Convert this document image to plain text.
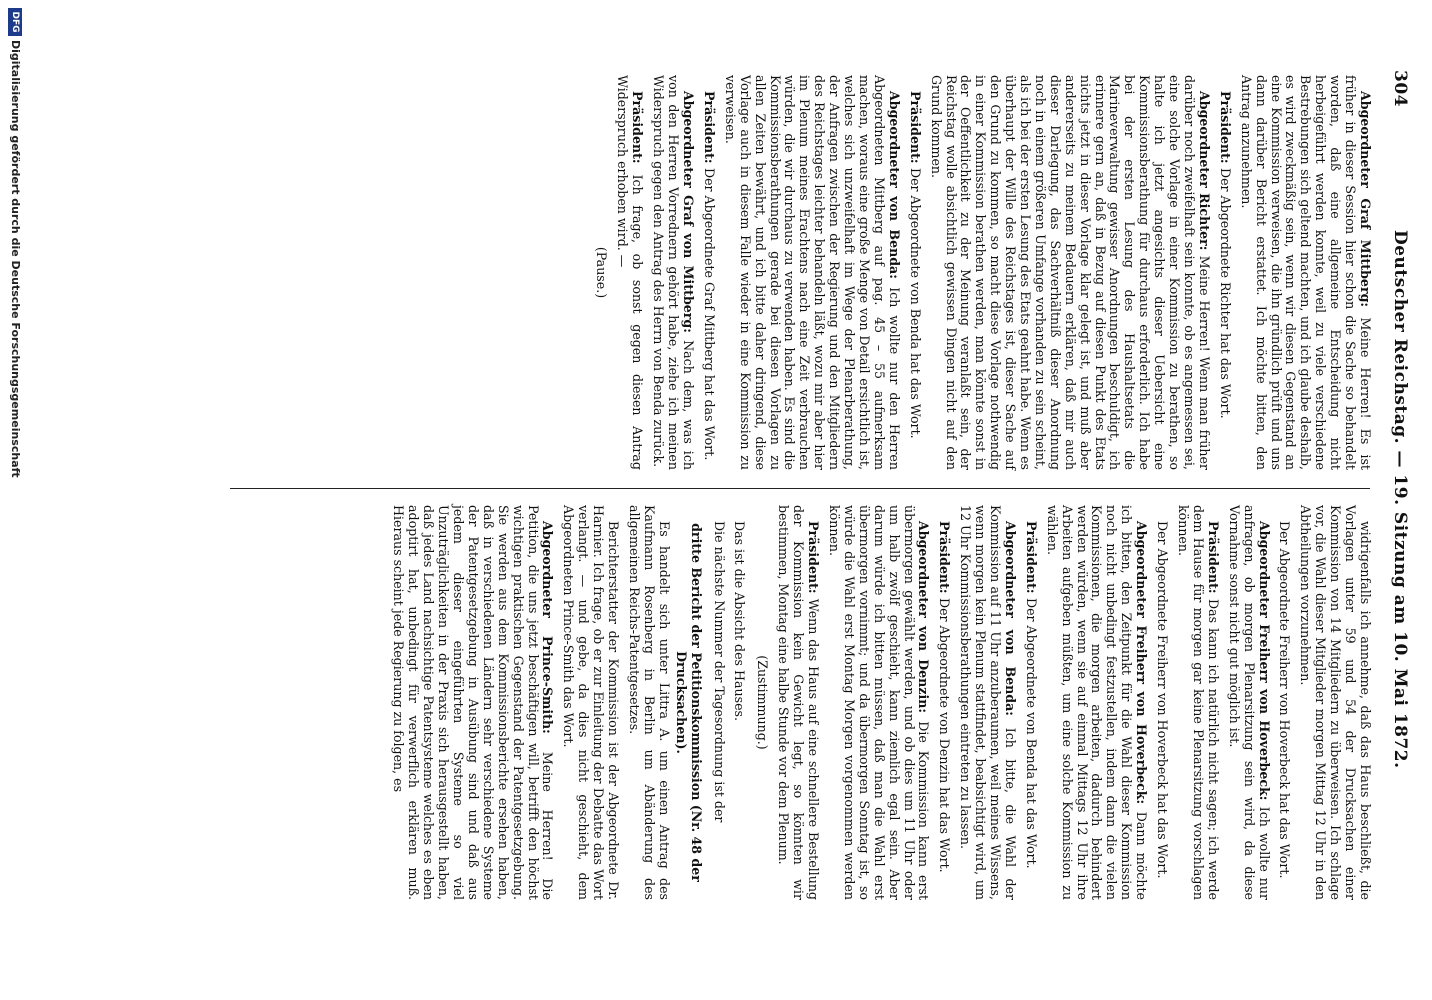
304
Deutscher Reichstag. — 19. Sitzung am 10. Mai 1872.

Abgeordneter Graf Mittberg: Meine Herren! Es ist früher in dieser Session hier schon die Sache so behandelt worden, daß eine allgemeine Entscheidung nicht herbeigeführt werden konnte, weil zu viele verschiedene Bestrebungen sich geltend machten, und ich glaube deshalb, es wird zweckmäßig sein, wenn wir diesen Gegenstand an eine Kommission verweisen, die ihn gründlich prüft und uns dann darüber Bericht erstattet. Ich möchte bitten, den Antrag anzunehmen.

Präsident: Der Abgeordnete Richter hat das Wort.

Abgeordneter Richter: Meine Herren! Wenn man früher darüber noch zweifelhaft sein konnte, ob es angemessen sei, eine solche Vorlage in einer Kommission zu berathen, so halte ich jetzt angesichts dieser Uebersicht eine Kommissionsberathung für durchaus erforderlich. Ich habe bei der ersten Lesung des Haushaltsetats die Marineverwaltung gewisser Anordnungen beschuldigt, ich erinnere gern an, daß in Bezug auf diesen Punkt des Etats nichts jetzt in dieser Vorlage klar gelegt ist, und muß aber andererseits zu meinem Bedauern erklären, daß mir auch dieser Darlegung, das Sachverhältniß dieser Anordnung noch in einem größeren Umfange vorhanden zu sein scheint, als ich bei der ersten Lesung des Etats geahnt habe. Wenn es überhaupt der Wille des Reichstages ist, dieser Sache auf den Grund zu kommen, so macht diese Vorlage nothwendig in einer Kommission berathen werden, man könnte sonst in der Oeffentlichkeit zu der Meinung veranlaßt sein, der Reichstag wolle absichtlich gewissen Dingen nicht auf den Grund kommen.

Präsident: Der Abgeordnete von Benda hat das Wort.

Abgeordneter von Benda: Ich wollte nur den Herren Abgeordneten Mittberg auf pag. 45 – 55 aufmerksam machen, woraus eine große Menge von Detail ersichtlich ist, welches sich unzweifelhaft im Wege der Plenarberathung, der Anfragen zwischen der Regierung und den Mitgliedern des Reichstages leichter behandeln läßt, wozu mir aber hier im Plenum meines Erachtens nach eine Zeit verbrauchen würden, die wir durchaus zu verwenden haben. Es sind die Kommissionsberathungen gerade bei diesen Vorlagen zu allen Zeiten bewährt, und ich bitte daher dringend, diese Vorlage auch in diesem Falle wieder in eine Kommission zu verweisen.

Präsident: Der Abgeordnete Graf Mittberg hat das Wort.

Abgeordneter Graf von Mittberg: Nach dem, was ich von den Herren Vorrednern gehört habe, ziehe ich meinen Widerspruch gegen den Antrag des Herrn von Benda zurück.

Präsident: Ich frage, ob sonst gegen diesen Antrag Widerspruch erhoben wird. —

(Pause.)

widrigenfalls ich annehme, daß das Haus beschließt, die Vorlagen unter 59 und 54 der Drucksachen einer Kommission von 14 Mitgliedern zu überweisen. Ich schlage vor, die Wahl dieser Mitglieder morgen Mittag 12 Uhr in den Abtheilungen vorzunehmen.

Der Abgeordnete Freiherr von Hoverbeck hat das Wort.

Abgeordneter Freiherr von Hoverbeck: Ich wollte nur anfragen, ob morgen Plenarsitzung sein wird, da diese Vornahme sonst nicht gut möglich ist.

Präsident: Das kann ich natürlich nicht sagen; ich werde dem Hause für morgen gar keine Plenarsitzung vorschlagen können.

Der Abgeordnete Freiherr von Hoverbeck hat das Wort.

Abgeordneter Freiherr von Hoverbeck: Dann möchte ich bitten, den Zeitpunkt für die Wahl dieser Kommission noch nicht unbedingt festzustellen, indem dann die vielen Kommissionen, die morgen arbeiten, dadurch behindert werden würden, wenn sie auf einmal Mittags 12 Uhr ihre Arbeiten aufgeben müßten, um eine solche Kommission zu wählen.

Präsident: Der Abgeordnete von Benda hat das Wort.

Abgeordneter von Benda: Ich bitte, die Wahl der Kommission auf 11 Uhr anzuberaumen, weil meines Wissens, wenn morgen kein Plenum stattfindet, beabsichtigt wird, um 12 Uhr Kommissionsberathungen eintreten zu lassen.

Präsident: Der Abgeordnete von Denzin hat das Wort.

Abgeordneter von Denzin: Die Kommission kann erst übermorgen gewählt werden, und ob dies um 11 Uhr oder um halb zwölf geschieht, kann ziemlich egal sein. Aber darum würde ich bitten müssen, daß man die Wahl erst übermorgen vornimmt; und da übermorgen Sonntag ist, so würde die Wahl erst Montag Morgen vorgenommen werden können.

Präsident: Wenn das Haus auf eine schnellere Bestellung der Kommission kein Gewicht legt, so könnten wir bestimmen, Montag eine halbe Stunde vor dem Plenum.

(Zustimmung.)

Das ist die Absicht des Hauses.

Die nächste Nummer der Tagesordnung ist der

dritte Bericht der Petitionskommission (Nr. 48 der Drucksachen).

Es handelt sich unter Littra A. um einen Antrag des Kaufmann Rosenberg in Berlin um Abänderung des allgemeinen Reichs-Patentgesetzes.

Berichterstatter der Kommission ist der Abgeordnete Dr. Harnier. Ich frage, ob er zur Einleitung der Debatte das Wort verlangt. — und gebe, da dies nicht geschieht, dem Abgeordneten Prince-Smith das Wort.

Abgeordneter Prince-Smith: Meine Herren! Die Petition, die uns jetzt beschäftigen will, betrifft den höchst wichtigen praktischen Gegenstand der Patentgesetzgebung. Sie werden aus dem Kommissionsberichte ersehen haben, daß in verschiedenen Ländern sehr verschiedene Systeme der Patentgesetzgebung in Ausübung sind und daß aus jedem dieser eingeführten Systeme so viel Unzuträglichkeiten in der Praxis sich herausgestellt haben, daß jedes Land nachsichtige Patentsysteme welches es eben adoptirt hat, unbedingt für verwerflich erklären muß. Hieraus scheint jede Regierung zu folgen, es

DFG
Digitalisierung gefördert durch die Deutsche Forschungsgemeinschaft
